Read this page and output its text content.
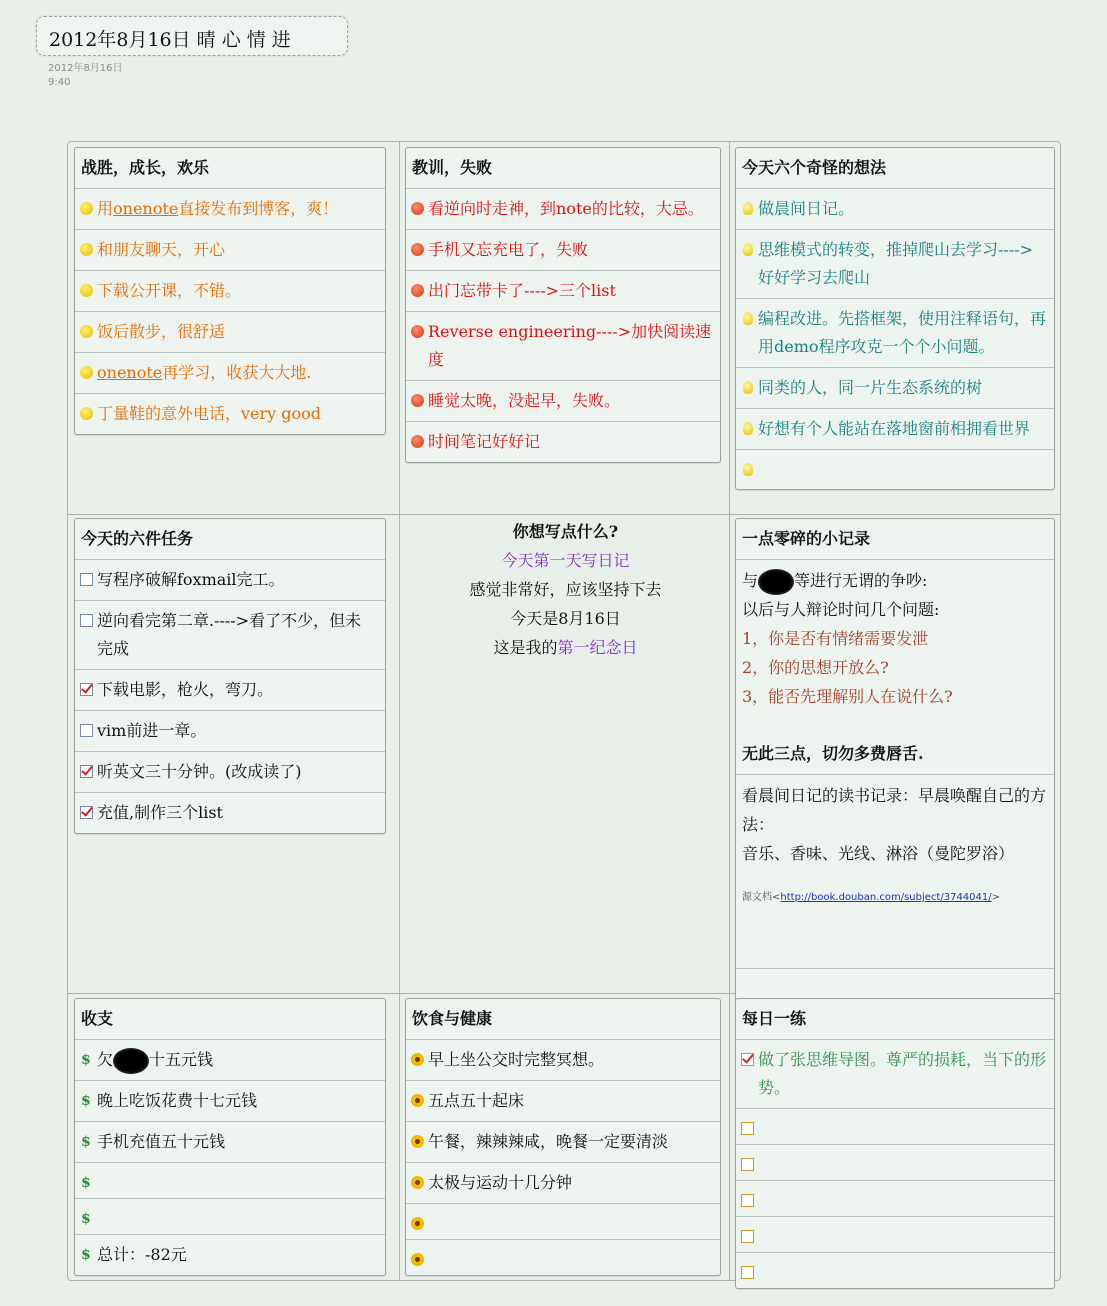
2012年8月16日 晴 心 情 进
2012年8月16日
9:40
战胜，成长，欢乐
用onenote直接发布到博客，爽！
和朋友聊天，开心
下载公开课，不错。
饭后散步，很舒适
onenote再学习，收获大大地.
丁量鞋的意外电话，very good
教训，失败
看逆向时走神，到note的比较，大忌。
手机又忘充电了，失败
出门忘带卡了---->三个list
Reverse engineering---->加快阅读速度
睡觉太晚，没起早，失败。
时间笔记好好记
今天六个奇怪的想法
做晨间日记。
思维模式的转变，推掉爬山去学习---->好好学习去爬山
编程改进。先搭框架，使用注释语句，再用demo程序攻克一个个小问题。
同类的人，同一片生态系统的树
好想有个人能站在落地窗前相拥看世界
今天的六件任务
写程序破解foxmail完工。
逆向看完第二章.---->看了不少，但未完成
下载电影，枪火，弯刀。
vim前进一章。
听英文三十分钟。(改成读了)
充值,制作三个list
你想写点什么?
今天第一天写日记
感觉非常好，应该坚持下去
今天是8月16日
这是我的第一纪念日
一点零碎的小记录
与 等进行无谓的争吵:
以后与人辩论时问几个问题:
1，你是否有情绪需要发泄
2，你的思想开放么?
3，能否先理解别人在说什么?
无此三点，切勿多费唇舌.
看晨间日记的读书记录：早晨唤醒自己的方法：
音乐、香味、光线、淋浴（曼陀罗浴）
源文档<http://book.douban.com/subject/3744041/>
收支
$ 欠 十五元钱
$ 晚上吃饭花费十七元钱
$ 手机充值五十元钱
$
$
$ 总计：-82元
饮食与健康
早上坐公交时完整冥想。
五点五十起床
午餐，辣辣辣咸，晚餐一定要清淡
太极与运动十几分钟
每日一练
做了张思维导图。尊严的损耗，当下的形势。
